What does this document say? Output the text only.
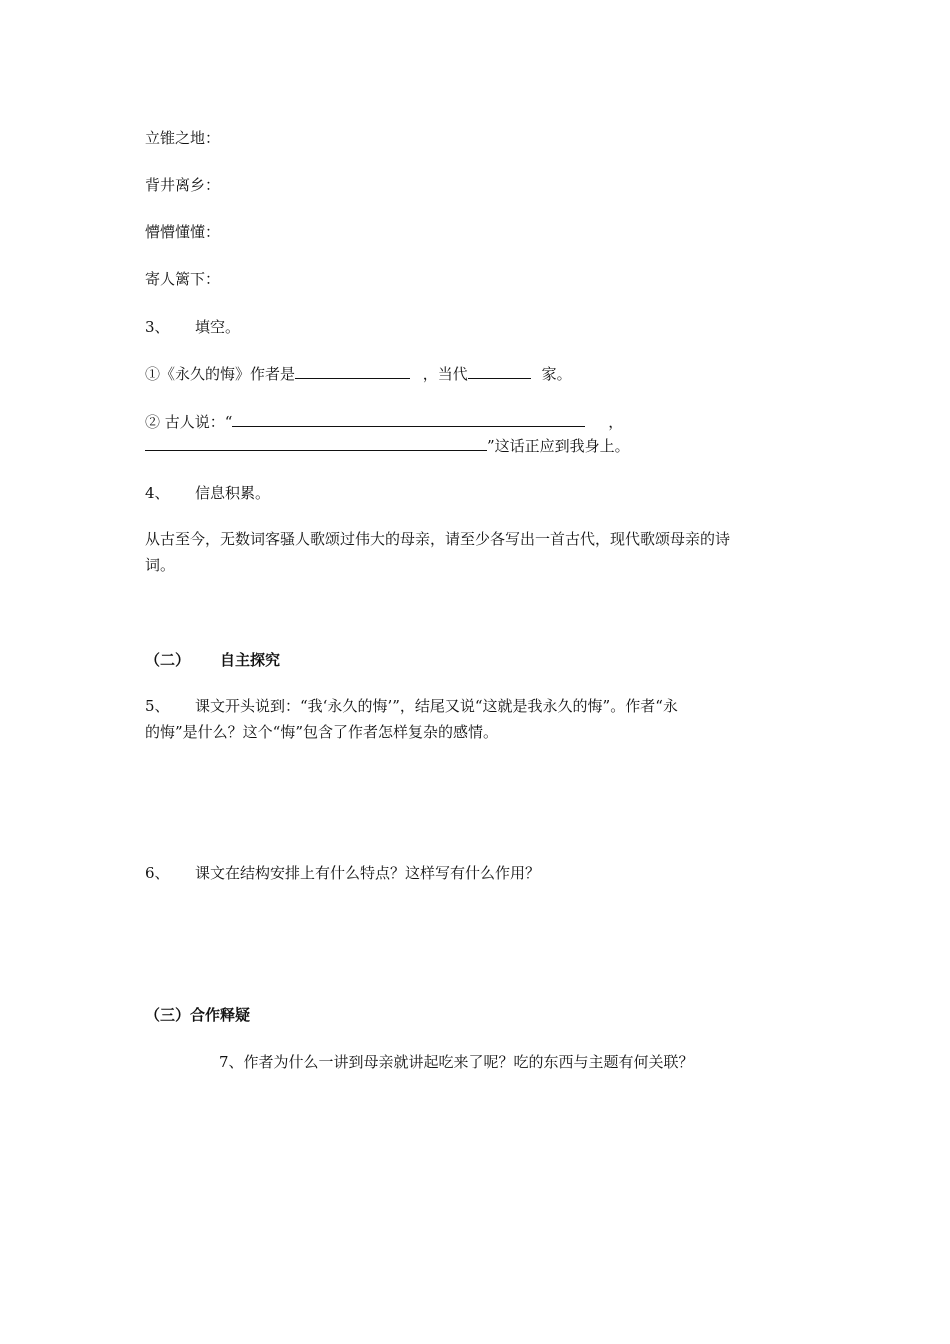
立锥之地：
背井离乡：
懵懵懂懂：
寄人篱下：
3、 填空。
①《永久的悔》作者是	，当代	家。
② 古人说：“	，
”这话正应到我身上。
4、 信息积累。
从古至今，无数词客骚人歌颂过伟大的母亲，请至少各写出一首古代，现代歌颂母亲的诗
词。
（二） 自主探究
5、 课文开头说到：“我‘永久的悔’”，结尾又说“这就是我永久的悔”。作者“永
的悔”是什么？这个“悔”包含了作者怎样复杂的感情。
6、 课文在结构安排上有什么特点？这样写有什么作用？
（三）合作释疑
7、作者为什么一讲到母亲就讲起吃来了呢？吃的东西与主题有何关联？
